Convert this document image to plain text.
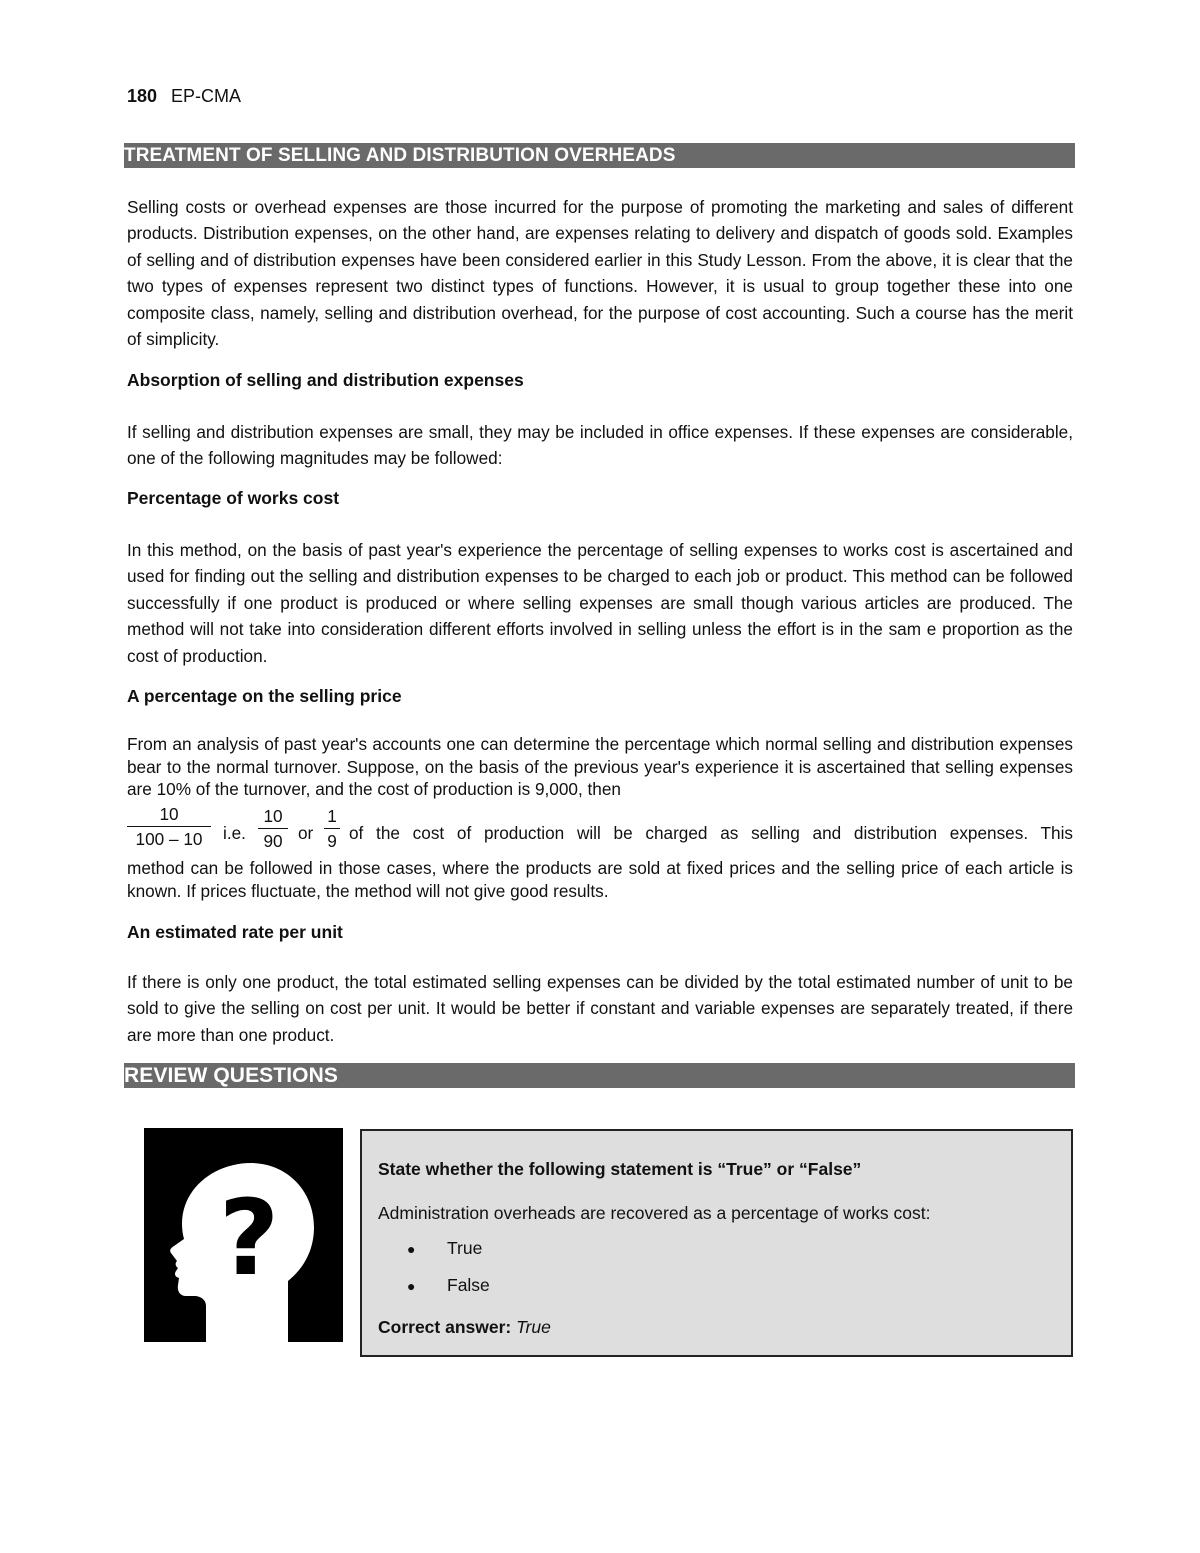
180 EP-CMA
TREATMENT OF SELLING AND DISTRIBUTION OVERHEADS

Selling costs or overhead expenses are those incurred for the purpose of promoting the marketing and sales of different products. Distribution expenses, on the other hand, are expenses relating to delivery and dispatch of goods sold. Examples of selling and of distribution expenses have been considered earlier in this Study Lesson. From the above, it is clear that the two types of expenses represent two distinct types of functions. However, it is usual to group together these into one composite class, namely, selling and distribution overhead, for the purpose of cost accounting. Such a course has the merit of simplicity.

Absorption of selling and distribution expenses

If selling and distribution expenses are small, they may be included in office expenses. If these expenses are considerable, one of the following magnitudes may be followed:

Percentage of works cost

In this method, on the basis of past year's experience the percentage of selling expenses to works cost is ascertained and used for finding out the selling and distribution expenses to be charged to each job or product. This method can be followed successfully if one product is produced or where selling expenses are small though various articles are produced. The method will not take into consideration different efforts involved in selling unless the effort is in the sam e proportion as the cost of production.

A percentage on the selling price

From an analysis of past year's accounts one can determine the percentage which normal selling and distribution expenses bear to the normal turnover. Suppose, on the basis of the previous year's experience it is ascertained that selling expenses are 10% of the turnover, and the cost of production is 9,000, then

$\frac{10}{100 - 10} i.e$. $\frac{10}{90}$ or $\frac{1}{9}$ of the cost of production will be charged as selling and distribution expenses. This

method can be followed in those cases, where the products are sold at fixed prices and the selling price of each article is known. If prices fluctuate, the method will not give good results.

An estimated rate per unit

If there is only one product, the total estimated selling expenses can be divided by the total estimated number of unit to be sold to give the selling on cost per unit. It would be better if constant and variable expenses are separately treated, if there are more than one product.

REVIEW QUESTIONS
?
State whether the following statement is “True” or “False”
Administration overheads are recovered as a percentage of works cost:
● True
● False
Correct answer: True
